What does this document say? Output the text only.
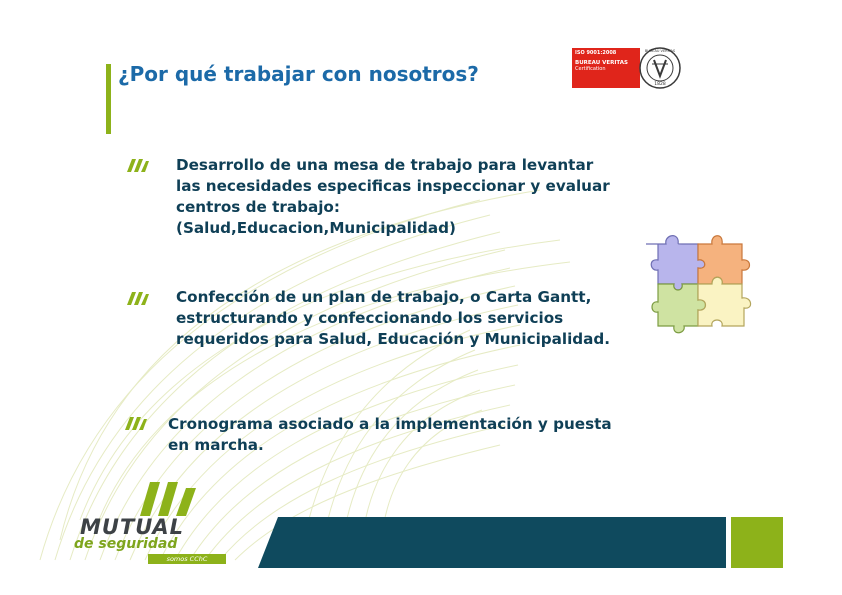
¿Por qué trabajar con nosotros?
ISO 9001:2008
BUREAU VERITAS
Certification
BUREAU VERITAS
1828
Desarrollo de una mesa de trabajo para levantar las necesidades especificas inspeccionar y evaluar centros de trabajo: (Salud,Educacion,Municipalidad)
Confección de un plan de trabajo, o Carta Gantt, estructurando y confeccionando los servicios requeridos para Salud, Educación y Municipalidad.
Cronograma asociado a la implementación y puesta en marcha.
MUTUAL
de seguridad
somos CChC
